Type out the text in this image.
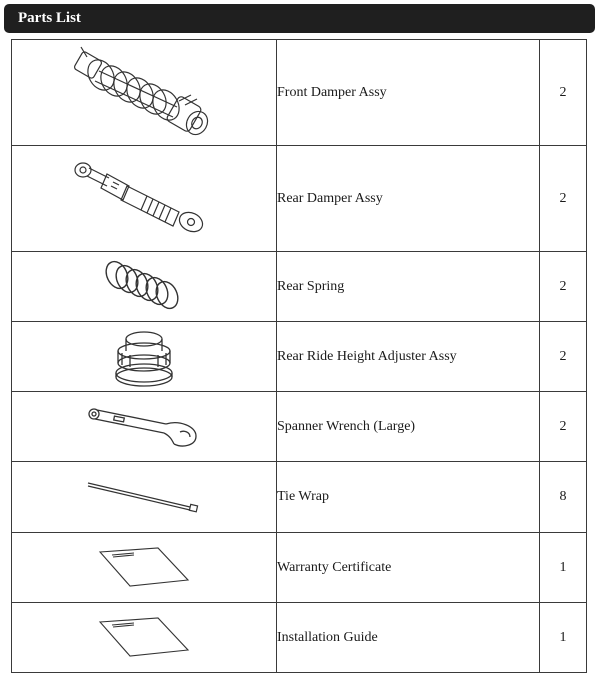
Parts List
	Front Damper Assy	2

	Rear Damper Assy	2

	Rear Spring	2

	Rear Ride Height Adjuster Assy	2

	Spanner Wrench (Large)	2

	Tie Wrap	8

	Warranty Certificate	1

	Installation Guide	1
